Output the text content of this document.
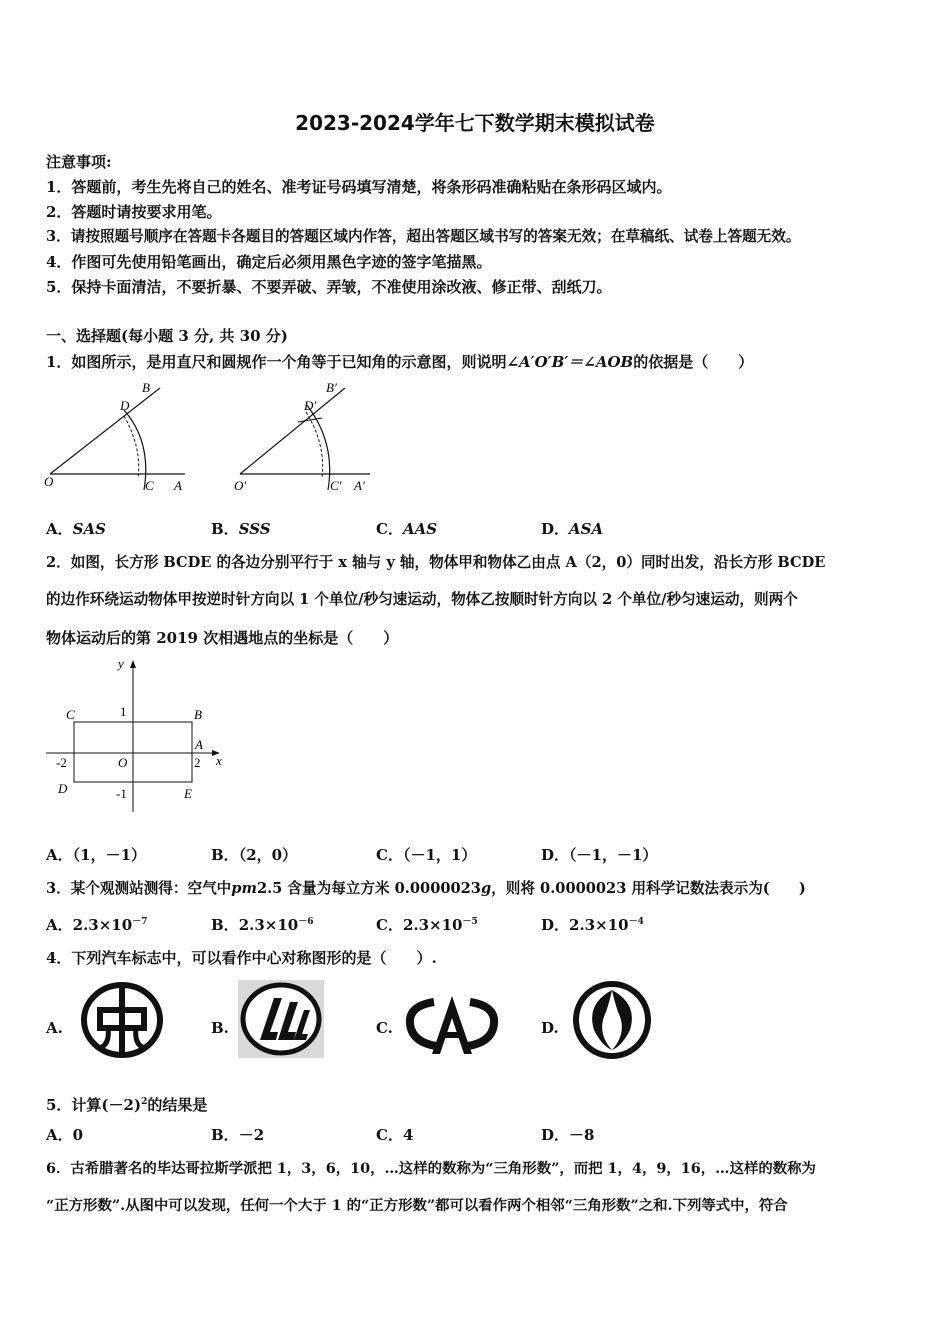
2023-2024学年七下数学期末模拟试卷
注意事项:
1．答题前，考生先将自己的姓名、准考证号码填写清楚，将条形码准确粘贴在条形码区域内。
2．答题时请按要求用笔。
3．请按照题号顺序在答题卡各题目的答题区域内作答，超出答题区域书写的答案无效；在草稿纸、试卷上答题无效。
4．作图可先使用铅笔画出，确定后必须用黑色字迹的签字笔描黑。
5．保持卡面清洁，不要折暴、不要弄破、弄皱，不准使用涂改液、修正带、刮纸刀。
一、选择题(每小题 3 分, 共 30 分)
1．如图所示，是用直尺和圆规作一个角等于已知角的示意图，则说明∠A′O′B′＝∠AOB的依据是（　　）
B
D
O	C A
B′
D′
O′	C′ A′
A．SAS	B．SSS	C．AAS	D．ASA
2．如图，长方形 BCDE 的各边分别平行于 x 轴与 y 轴，物体甲和物体乙由点 A（2，0）同时出发，沿长方形 BCDE
的边作环绕运动物体甲按逆时针方向以 1 个单位/秒匀速运动，物体乙按顺时针方向以 2 个单位/秒匀速运动，则两个
物体运动后的第 2019 次相遇地点的坐标是（　　）
y
x
C	B
A
D	E
O
1
-1
2
-2
A．（1，－1）	B．（2，0）	C．（－1，1）	D．（－1，－1）
3．某个观测站测得：空气中pm2.5 含量为每立方米 0.0000023g，则将 0.0000023 用科学记数法表示为(　　)
A．$2.3\times 10^{-7}$	B．$2.3\times 10^{-6}$	C．$2.3\times 10^{-5}$	D．$2.3\times 10^{-4}$
4．下列汽车标志中，可以看作中心对称图形的是（　　）.
A.	B.	C.	D.
5．计算$(-2)^2$的结果是
A．0	B．－2	C．4	D．－8
6．古希腊著名的毕达哥拉斯学派把 1，3，6，10，…这样的数称为“三角形数”，而把 1，4，9，16，…这样的数称为
“正方形数”.从图中可以发现，任何一个大于 1 的“正方形数”都可以看作两个相邻“三角形数”之和.下列等式中，符合
